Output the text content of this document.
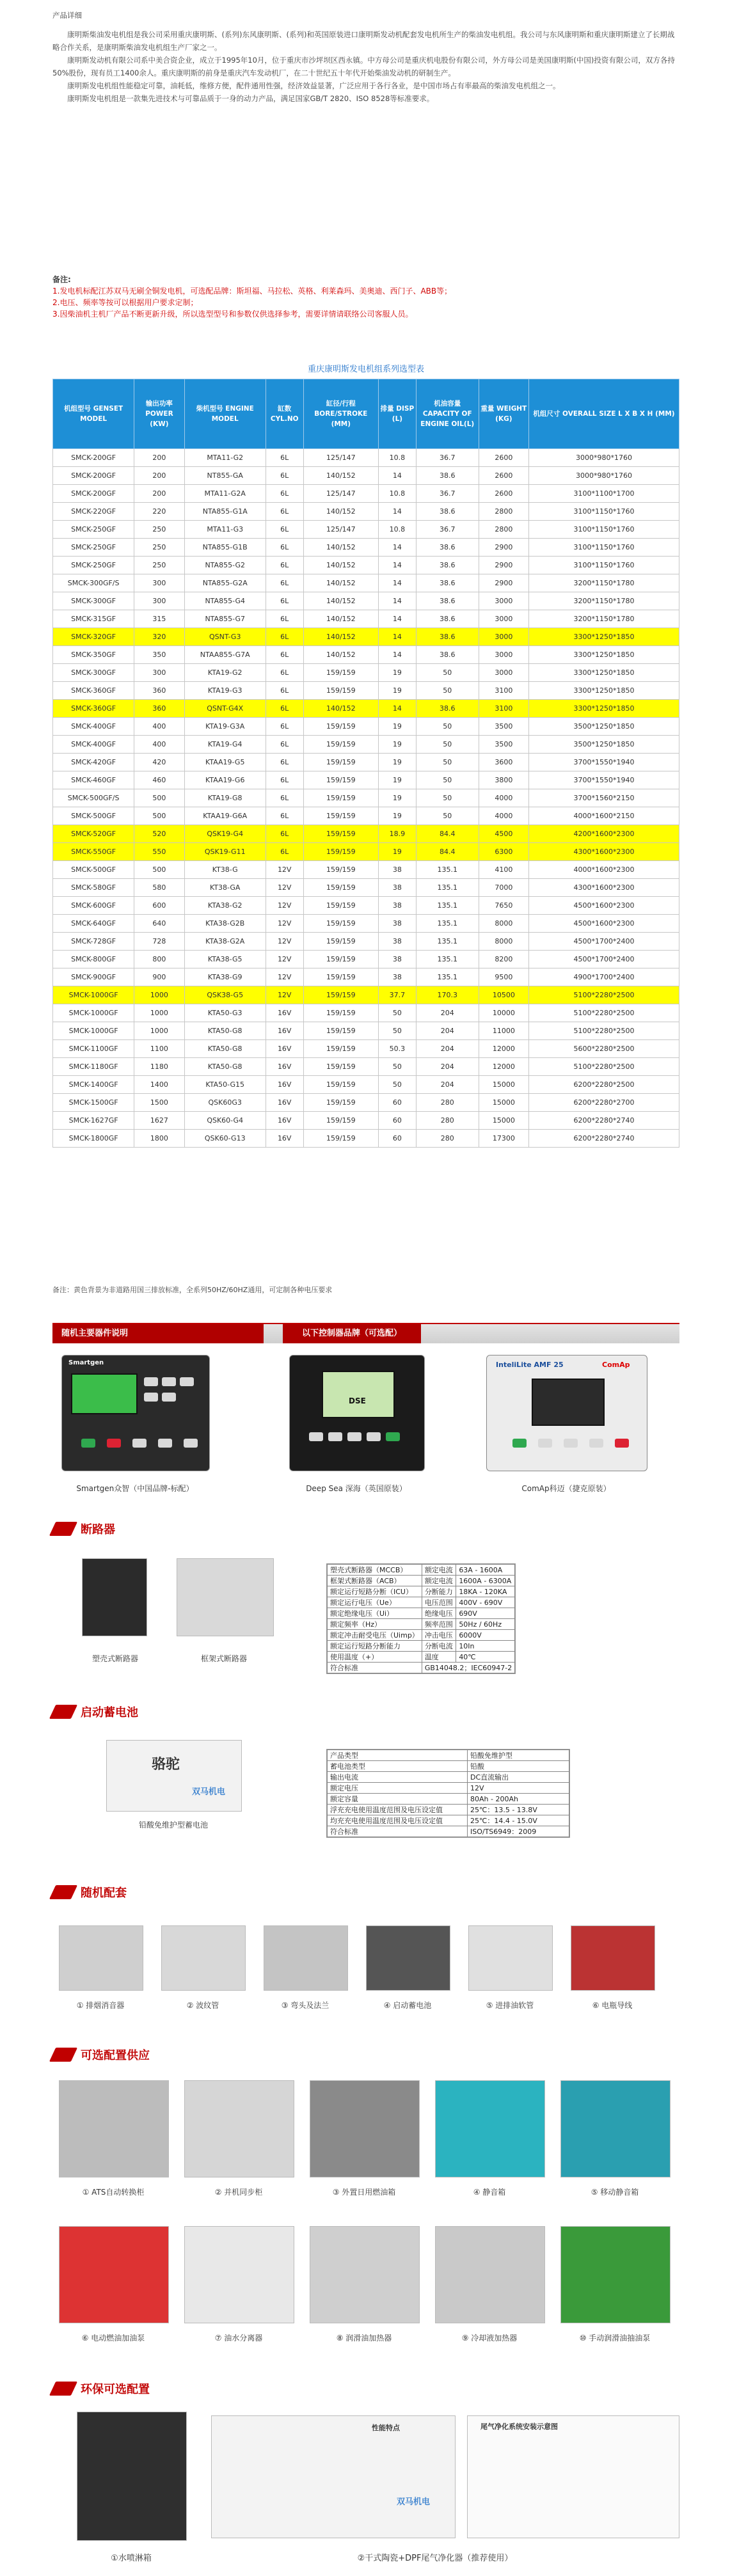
产品详细

康明斯柴油发电机组是我公司采用重庆康明斯、(系列)东风康明斯、(系列)和英国原装进口康明斯发动机配套发电机所生产的柴油发电机组。我公司与东风康明斯和重庆康明斯建立了长期战略合作关系，是康明斯柴油发电机组生产厂家之一。

康明斯发动机有限公司系中美合资企业，成立于1995年10月，位于重庆市沙坪坝区西永镇。中方母公司是重庆机电股份有限公司，外方母公司是美国康明斯(中国)投资有限公司，双方各持50%股份，现有员工1400余人。重庆康明斯的前身是重庆汽车发动机厂，在二十世纪五十年代开始柴油发动机的研制生产。

康明斯发电机组性能稳定可靠，油耗低，维修方便，配件通用性强，经济效益显著，广泛应用于各行各业，是中国市场占有率最高的柴油发电机组之一。

康明斯发电机组是一款集先进技术与可靠品质于一身的动力产品，满足国家GB/T 2820、ISO 8528等标准要求。

备注:
1.发电机标配江苏双马无刷全铜发电机，可选配品牌：斯坦福、马拉松、英格、利莱森玛、美奥迪、西门子、ABB等；
2.电压、频率等按可以根据用户要求定制；
3.因柴油机主机厂产品不断更新升级，所以选型型号和参数仅供选择参考，需要详情请联络公司客服人员。
重庆康明斯发电机组系列选型表
机组型号 GENSET MODEL	输出功率 POWER (KW)	柴机型号 ENGINE MODEL	缸数 CYL.NO	缸径/行程 BORE/STROKE (MM)	排量 DISP (L)	机油容量 CAPACITY OF ENGINE OIL(L)	重量 WEIGHT (KG)	机组尺寸 OVERALL SIZE L X B X H (MM)
SMCK-200GF	200	MTA11-G2	6L	125/147	10.8	36.7	2600	3000*980*1760
SMCK-200GF	200	NT855-GA	6L	140/152	14	38.6	2600	3000*980*1760
SMCK-200GF	200	MTA11-G2A	6L	125/147	10.8	36.7	2600	3100*1100*1700
SMCK-220GF	220	NTA855-G1A	6L	140/152	14	38.6	2800	3100*1150*1760
SMCK-250GF	250	MTA11-G3	6L	125/147	10.8	36.7	2800	3100*1150*1760
SMCK-250GF	250	NTA855-G1B	6L	140/152	14	38.6	2900	3100*1150*1760
SMCK-250GF	250	NTA855-G2	6L	140/152	14	38.6	2900	3100*1150*1760
SMCK-300GF/S	300	NTA855-G2A	6L	140/152	14	38.6	2900	3200*1150*1780
SMCK-300GF	300	NTA855-G4	6L	140/152	14	38.6	3000	3200*1150*1780
SMCK-315GF	315	NTA855-G7	6L	140/152	14	38.6	3000	3200*1150*1780
SMCK-320GF	320	QSNT-G3	6L	140/152	14	38.6	3000	3300*1250*1850
SMCK-350GF	350	NTAA855-G7A	6L	140/152	14	38.6	3000	3300*1250*1850
SMCK-300GF	300	KTA19-G2	6L	159/159	19	50	3000	3300*1250*1850
SMCK-360GF	360	KTA19-G3	6L	159/159	19	50	3100	3300*1250*1850
SMCK-360GF	360	QSNT-G4X	6L	140/152	14	38.6	3100	3300*1250*1850
SMCK-400GF	400	KTA19-G3A	6L	159/159	19	50	3500	3500*1250*1850
SMCK-400GF	400	KTA19-G4	6L	159/159	19	50	3500	3500*1250*1850
SMCK-420GF	420	KTAA19-G5	6L	159/159	19	50	3600	3700*1550*1940
SMCK-460GF	460	KTAA19-G6	6L	159/159	19	50	3800	3700*1550*1940
SMCK-500GF/S	500	KTA19-G8	6L	159/159	19	50	4000	3700*1560*2150
SMCK-500GF	500	KTAA19-G6A	6L	159/159	19	50	4000	4000*1600*2150
SMCK-520GF	520	QSK19-G4	6L	159/159	18.9	84.4	4500	4200*1600*2300
SMCK-550GF	550	QSK19-G11	6L	159/159	19	84.4	6300	4300*1600*2300
SMCK-500GF	500	KT38-G	12V	159/159	38	135.1	4100	4000*1600*2300
SMCK-580GF	580	KT38-GA	12V	159/159	38	135.1	7000	4300*1600*2300
SMCK-600GF	600	KTA38-G2	12V	159/159	38	135.1	7650	4500*1600*2300
SMCK-640GF	640	KTA38-G2B	12V	159/159	38	135.1	8000	4500*1600*2300
SMCK-728GF	728	KTA38-G2A	12V	159/159	38	135.1	8000	4500*1700*2400
SMCK-800GF	800	KTA38-G5	12V	159/159	38	135.1	8200	4500*1700*2400
SMCK-900GF	900	KTA38-G9	12V	159/159	38	135.1	9500	4900*1700*2400
SMCK-1000GF	1000	QSK38-G5	12V	159/159	37.7	170.3	10500	5100*2280*2500
SMCK-1000GF	1000	KTA50-G3	16V	159/159	50	204	10000	5100*2280*2500
SMCK-1000GF	1000	KTA50-G8	16V	159/159	50	204	11000	5100*2280*2500
SMCK-1100GF	1100	KTA50-G8	16V	159/159	50.3	204	12000	5600*2280*2500
SMCK-1180GF	1180	KTA50-G8	16V	159/159	50	204	12000	5100*2280*2500
SMCK-1400GF	1400	KTA50-G15	16V	159/159	50	204	15000	6200*2280*2500
SMCK-1500GF	1500	QSK60G3	16V	159/159	60	280	15000	6200*2280*2700
SMCK-1627GF	1627	QSK60-G4	16V	159/159	60	280	15000	6200*2280*2740
SMCK-1800GF	1800	QSK60-G13	16V	159/159	60	280	17300	6200*2280*2740
备注：黄色背景为非道路用国三排放标准，全系列50HZ/60HZ通用，可定制各种电压要求
随机主要器件说明	以下控制器品牌（可选配）
Smartgen
Smartgen众智（中国品牌-标配）
DSE
Deep Sea 深海（英国原装）
InteliLite AMF 25	ComAp
ComAp科迈（捷克原装）
断路器
塑壳式断路器	框架式断路器
塑壳式断路器（MCCB）	额定电流	63A - 1600A
框架式断路器（ACB）	额定电流	1600A - 6300A
额定运行短路分断（ICU）	分断能力	18KA - 120KA
额定运行电压（Ue）	电压范围	400V - 690V
额定绝缘电压（Ui）	绝缘电压	690V
额定频率（Hz）	频率范围	50Hz / 60Hz
额定冲击耐受电压（Uimp）	冲击电压	6000V
额定运行短路分断能力	分断电流	10In
使用温度（+）	温度	40℃
符合标准	GB14048.2；IEC60947-2	
启动蓄电池
骆驼
双马机电
铅酸免维护型蓄电池
产品类型	铅酸免维护型
蓄电池类型	铅酸
输出电流	DC直流输出
额定电压	12V
额定容量	80Ah - 200Ah
浮充充电使用温度范围及电压设定值	25℃：13.5 - 13.8V
均充充电使用温度范围及电压设定值	25℃：14.4 - 15.0V
符合标准	ISO/TS6949：2009
随机配套
① 排烟消音器	② 波纹管	③ 弯头及法兰	④ 启动蓄电池	⑤ 进排油软管	⑥ 电瓶导线
可选配置供应
① ATS自动转换柜	② 并机同步柜	③ 外置日用燃油箱	④ 静音箱	⑤ 移动静音箱
⑥ 电动燃油加油泵	⑦ 油水分离器	⑧ 润滑油加热器	⑨ 冷却液加热器	⑩ 手动润滑油抽油泵
环保可选配置
性能特点
双马机电
尾气净化系统安装示意图
①水喷淋箱	②干式陶瓷+DPF尾气净化器（推荐使用）
